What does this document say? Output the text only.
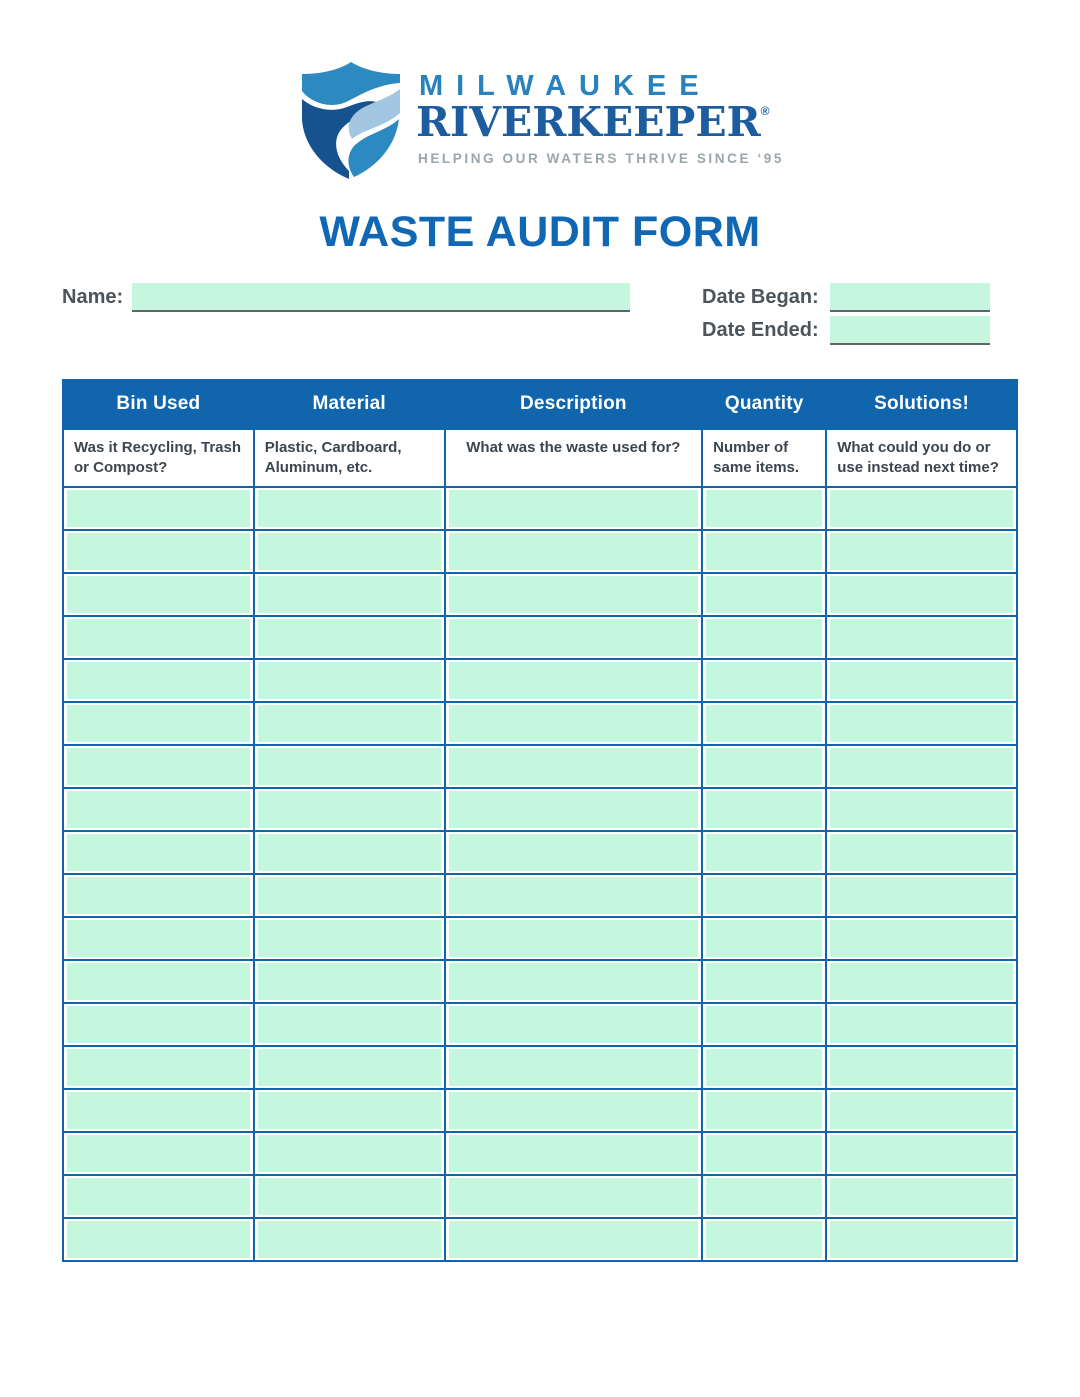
MILWAUKEE
RIVERKEEPER ®
HELPING OUR WATERS THRIVE SINCE ‘95
WASTE AUDIT FORM
Name:	Date Began:
Date Ended:
Bin Used	Material	Description	Quantity	Solutions!
Was it Recycling, Trash or Compost?	Plastic, Cardboard, Aluminum, etc.	What was the waste used for?	Number of same items.	What could you do or use instead next time?
